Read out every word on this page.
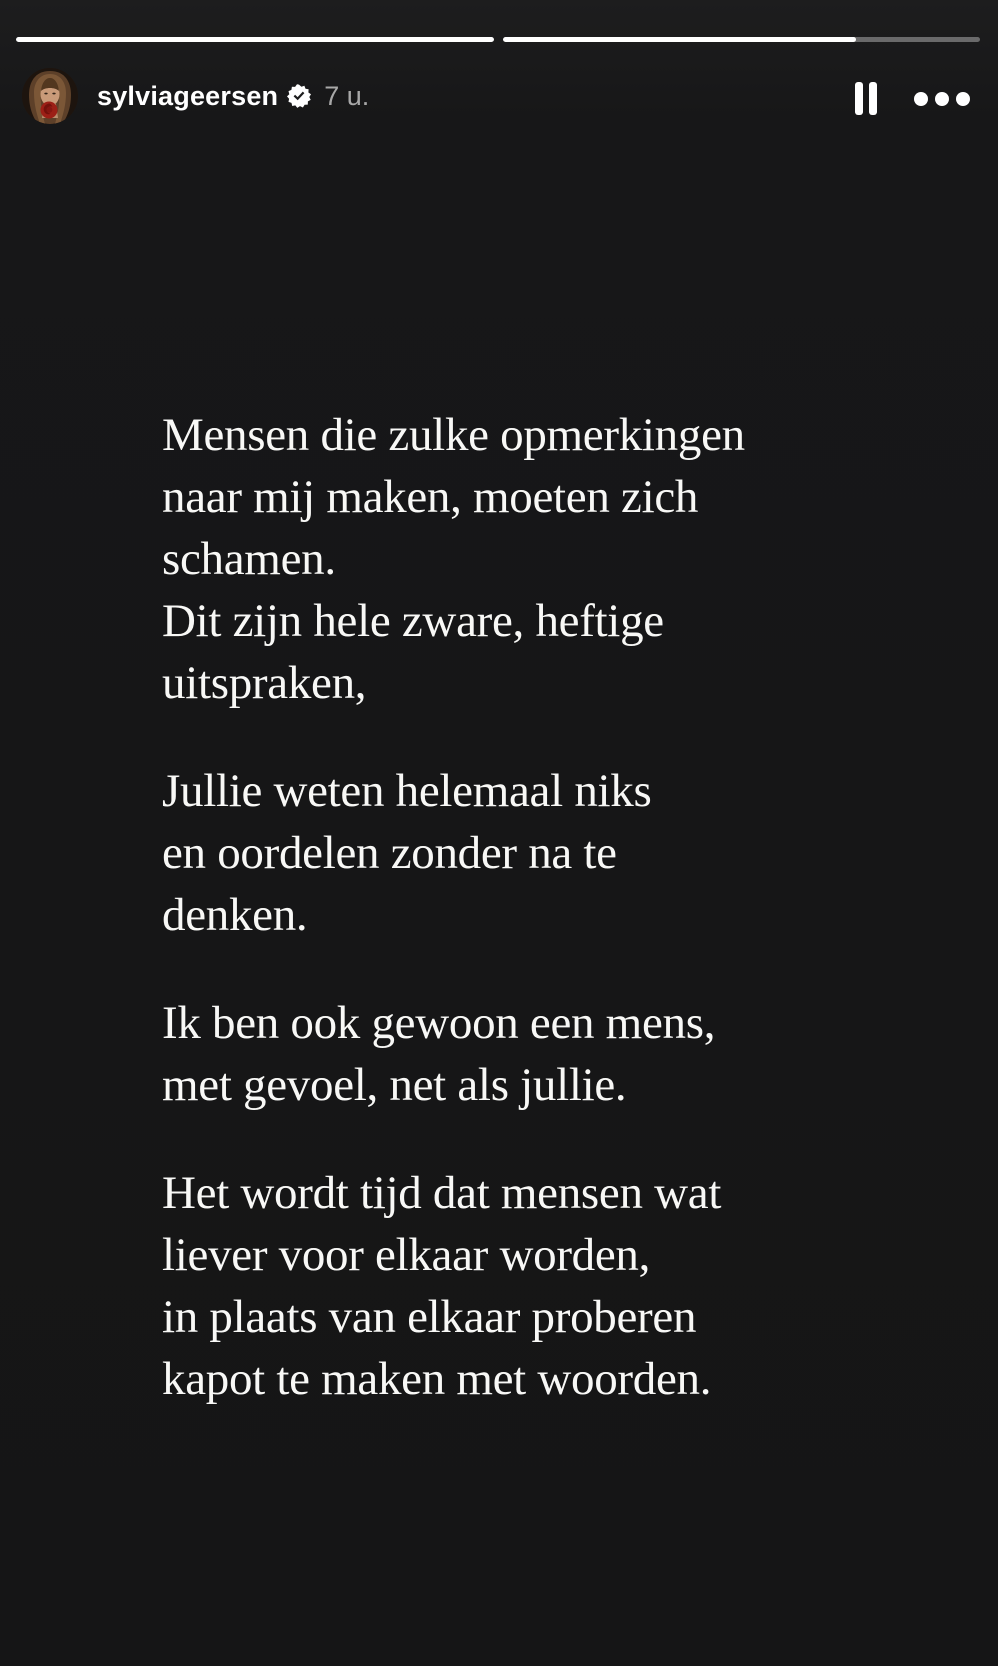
sylviageersen 7 u.
Mensen die zulke opmerkingen
naar mij maken, moeten zich
schamen.
Dit zijn hele zware, heftige
uitspraken,
Jullie weten helemaal niks
en oordelen zonder na te
denken.
Ik ben ook gewoon een mens,
met gevoel, net als jullie.
Het wordt tijd dat mensen wat
liever voor elkaar worden,
in plaats van elkaar proberen
kapot te maken met woorden.
